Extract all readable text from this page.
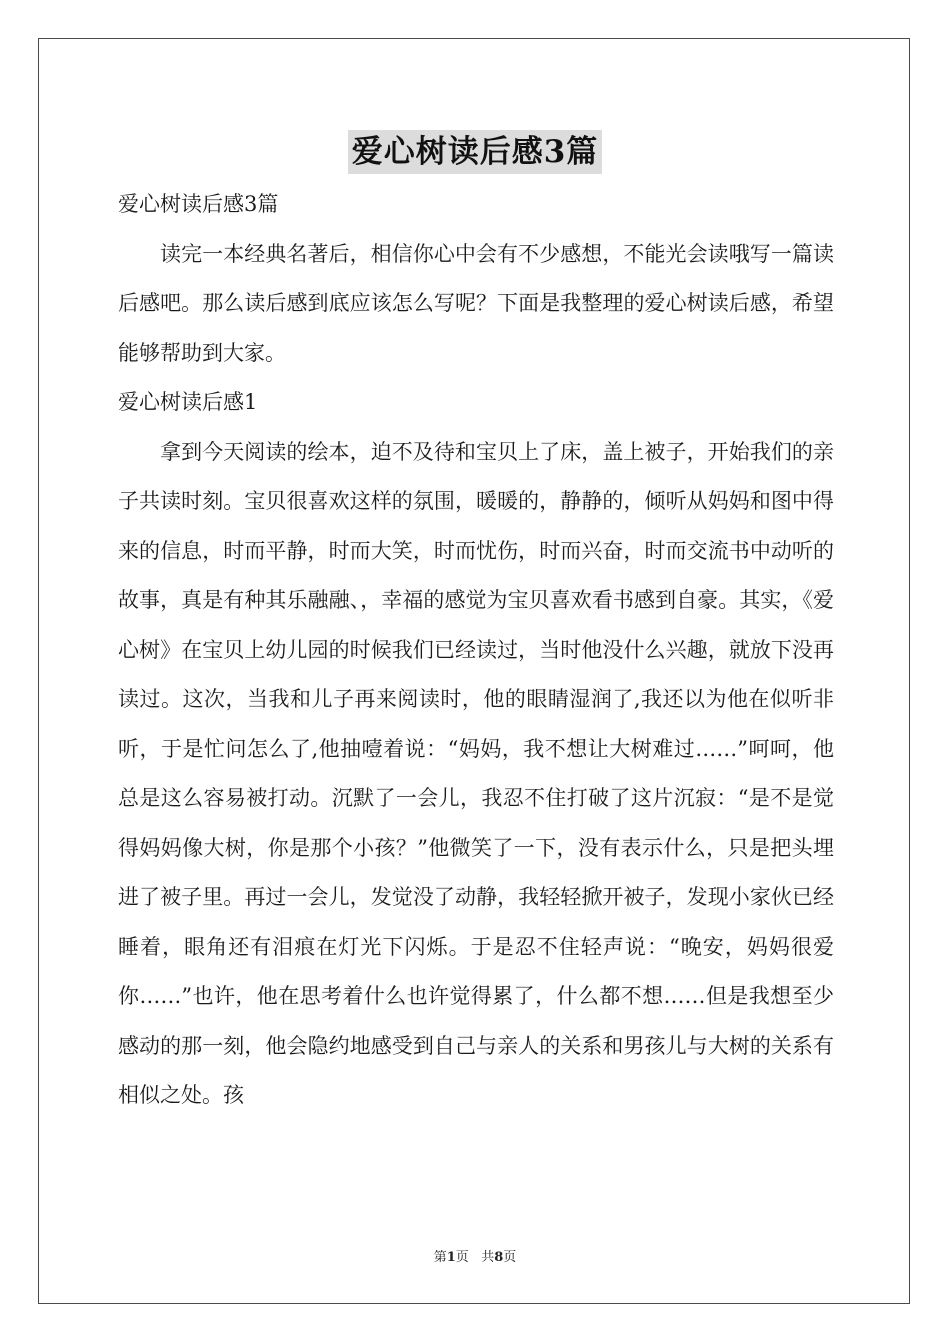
爱心树读后感3篇

爱心树读后感3篇

读完一本经典名著后，相信你心中会有不少感想，不能光会读哦写一篇读后感吧。那么读后感到底应该怎么写呢？下面是我整理的爱心树读后感，希望能够帮助到大家。

爱心树读后感1

拿到今天阅读的绘本，迫不及待和宝贝上了床，盖上被子，开始我们的亲子共读时刻。宝贝很喜欢这样的氛围，暖暖的，静静的，倾听从妈妈和图中得来的信息，时而平静，时而大笑，时而忧伤，时而兴奋，时而交流书中动听的故事，真是有种其乐融融、，幸福的感觉为宝贝喜欢看书感到自豪。其实，《爱心树》在宝贝上幼儿园的时候我们已经读过，当时他没什么兴趣，就放下没再读过。这次，当我和儿子再来阅读时，他的眼睛湿润了,我还以为他在似听非听，于是忙问怎么了,他抽噎着说：“妈妈，我不想让大树难过……”呵呵，他总是这么容易被打动。沉默了一会儿，我忍不住打破了这片沉寂：“是不是觉得妈妈像大树，你是那个小孩？”他微笑了一下，没有表示什么，只是把头埋进了被子里。再过一会儿，发觉没了动静，我轻轻掀开被子，发现小家伙已经睡着，眼角还有泪痕在灯光下闪烁。于是忍不住轻声说：“晚安，妈妈很爱你……”也许，他在思考着什么也许觉得累了，什么都不想……但是我想至少感动的那一刻，他会隐约地感受到自己与亲人的关系和男孩儿与大树的关系有相似之处。孩

第1页   共8页
